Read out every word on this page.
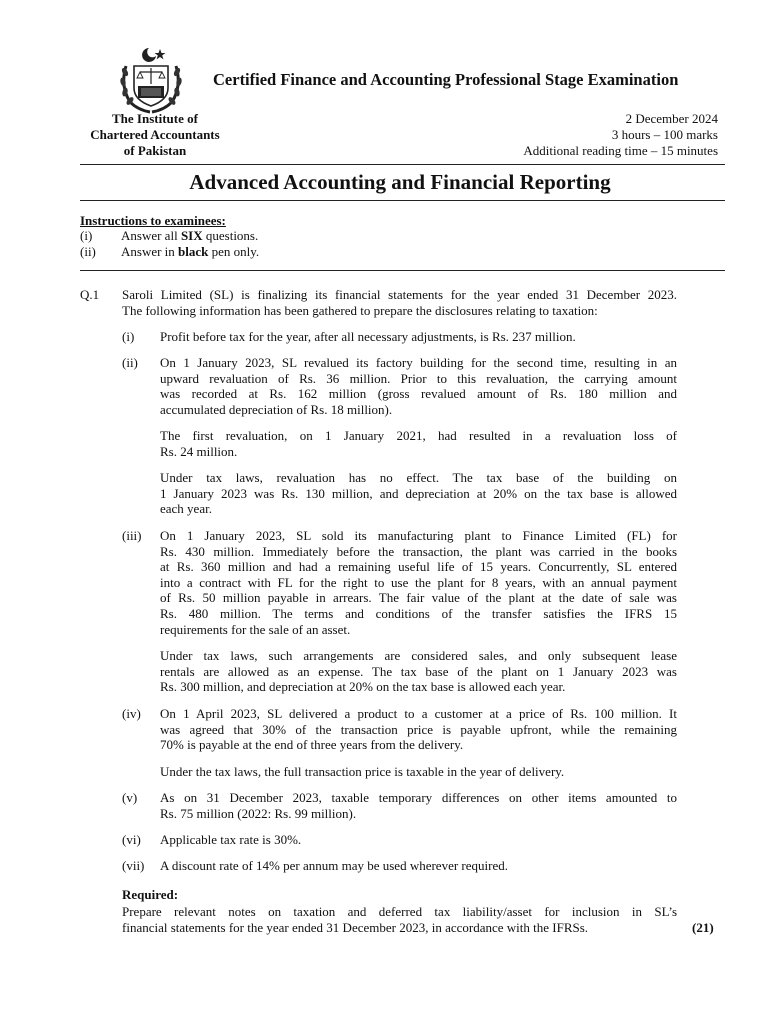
Certified Finance and Accounting Professional Stage Examination
The Institute of
Chartered Accountants
of Pakistan
2 December 2024
3 hours – 100 marks
Additional reading time – 15 minutes
Advanced Accounting and Financial Reporting
Instructions to examinees:
(i) Answer all SIX questions.
(ii) Answer in black pen only.
Q.1 Saroli Limited (SL) is finalizing its financial statements for the year ended 31 December 2023.
The following information has been gathered to prepare the disclosures relating to taxation:
(i) Profit before tax for the year, after all necessary adjustments, is Rs. 237 million.
(ii) On 1 January 2023, SL revalued its factory building for the second time, resulting in an
upward revaluation of Rs. 36 million. Prior to this revaluation, the carrying amount
was recorded at Rs. 162 million (gross revalued amount of Rs. 180 million and
accumulated depreciation of Rs. 18 million).
The first revaluation, on 1 January 2021, had resulted in a revaluation loss of
Rs. 24 million.
Under tax laws, revaluation has no effect. The tax base of the building on
1 January 2023 was Rs. 130 million, and depreciation at 20% on the tax base is allowed
each year.
(iii) On 1 January 2023, SL sold its manufacturing plant to Finance Limited (FL) for
Rs. 430 million. Immediately before the transaction, the plant was carried in the books
at Rs. 360 million and had a remaining useful life of 15 years. Concurrently, SL entered
into a contract with FL for the right to use the plant for 8 years, with an annual payment
of Rs. 50 million payable in arrears. The fair value of the plant at the date of sale was
Rs. 480 million. The terms and conditions of the transfer satisfies the IFRS 15
requirements for the sale of an asset.
Under tax laws, such arrangements are considered sales, and only subsequent lease
rentals are allowed as an expense. The tax base of the plant on 1 January 2023 was
Rs. 300 million, and depreciation at 20% on the tax base is allowed each year.
(iv) On 1 April 2023, SL delivered a product to a customer at a price of Rs. 100 million. It
was agreed that 30% of the transaction price is payable upfront, while the remaining
70% is payable at the end of three years from the delivery.
Under the tax laws, the full transaction price is taxable in the year of delivery.
(v) As on 31 December 2023, taxable temporary differences on other items amounted to
Rs. 75 million (2022: Rs. 99 million).
(vi) Applicable tax rate is 30%.
(vii) A discount rate of 14% per annum may be used wherever required.
Required:
Prepare relevant notes on taxation and deferred tax liability/asset for inclusion in SL’s
financial statements for the year ended 31 December 2023, in accordance with the IFRSs.	(21)
